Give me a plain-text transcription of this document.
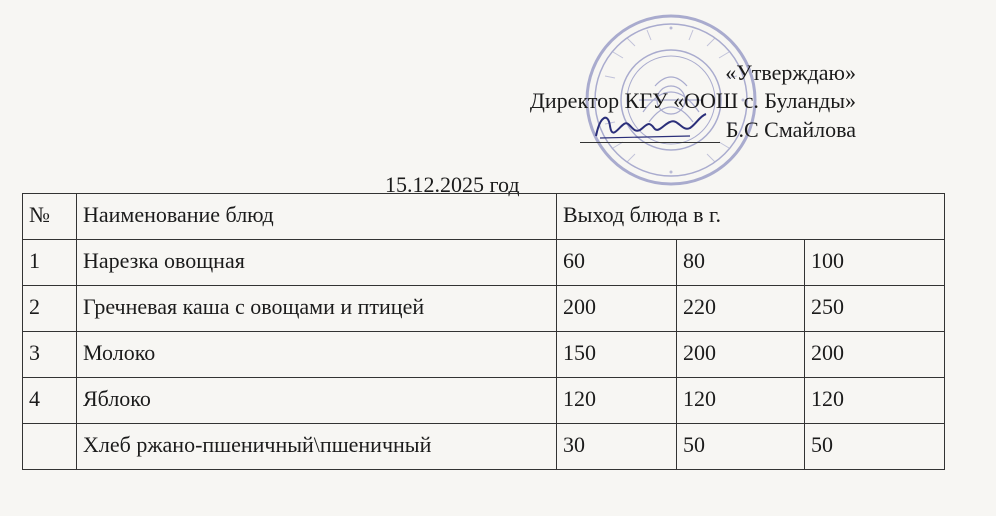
«Утверждаю»
Директор КГУ «ООШ с. Буланды»
Б.С Смайлова
15.12.2025 год
№	Наименование блюд	Выход блюда в г.		
1	Нарезка овощная	60	80	100
2	Гречневая каша с овощами и птицей	200	220	250
3	Молоко	150	200	200
4	Яблоко	120	120	120
	Хлеб ржано-пшеничный\пшеничный	30	50	50
